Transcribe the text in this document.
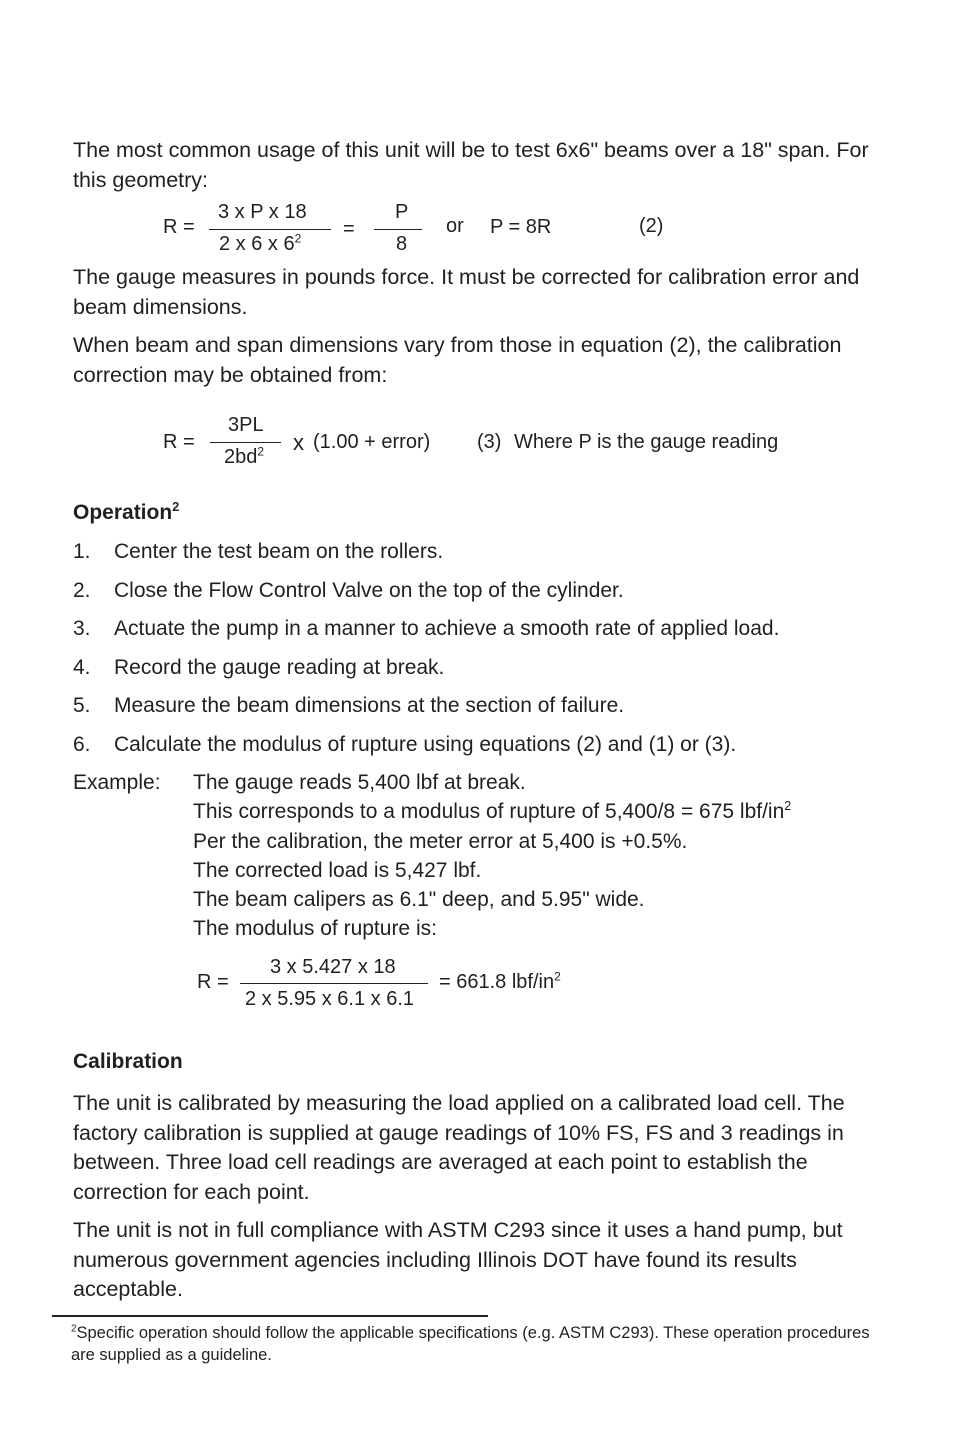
The most common usage of this unit will be to test 6x6" beams over a 18" span. For this geometry:

R =
3 x P x 18
2 x 6 x $6^2$ =
P
8
or P = 8R	(2)

The gauge measures in pounds force. It must be corrected for calibration error and beam dimensions.

When beam and span dimensions vary from those in equation (2), the calibration correction may be obtained from:

R =
3PL
$2bd^2$ x (1.00 + error) (3) Where P is the gauge reading
Operation$^2$
1.	Center the test beam on the rollers.
2.	Close the Flow Control Valve on the top of the cylinder.
3.	Actuate the pump in a manner to achieve a smooth rate of applied load.
4.	Record the gauge reading at break.
5.	Measure the beam dimensions at the section of failure.
6.	Calculate the modulus of rupture using equations (2) and (1) or (3).
Example: The gauge reads 5,400 lbf at break.
This corresponds to a modulus of rupture of 5,400/8 = 675 lbf/$in^2$
Per the calibration, the meter error at 5,400 is +0.5%.
The corrected load is 5,427 lbf.
The beam calipers as 6.1" deep, and 5.95" wide.
The modulus of rupture is:
R =
3 x 5.427 x 18
2 x 5.95 x 6.1 x 6.1
= 661.8 lbf/$in^2$
Calibration

The unit is calibrated by measuring the load applied on a calibrated load cell. The factory calibration is supplied at gauge readings of 10% FS, FS and 3 readings in between. Three load cell readings are averaged at each point to establish the correction for each point.

The unit is not in full compliance with ASTM C293 since it uses a hand pump, but numerous government agencies including Illinois DOT have found its results acceptable.

$^2$Specific operation should follow the applicable specifications (e.g. ASTM C293). These operation procedures are supplied as a guideline.
